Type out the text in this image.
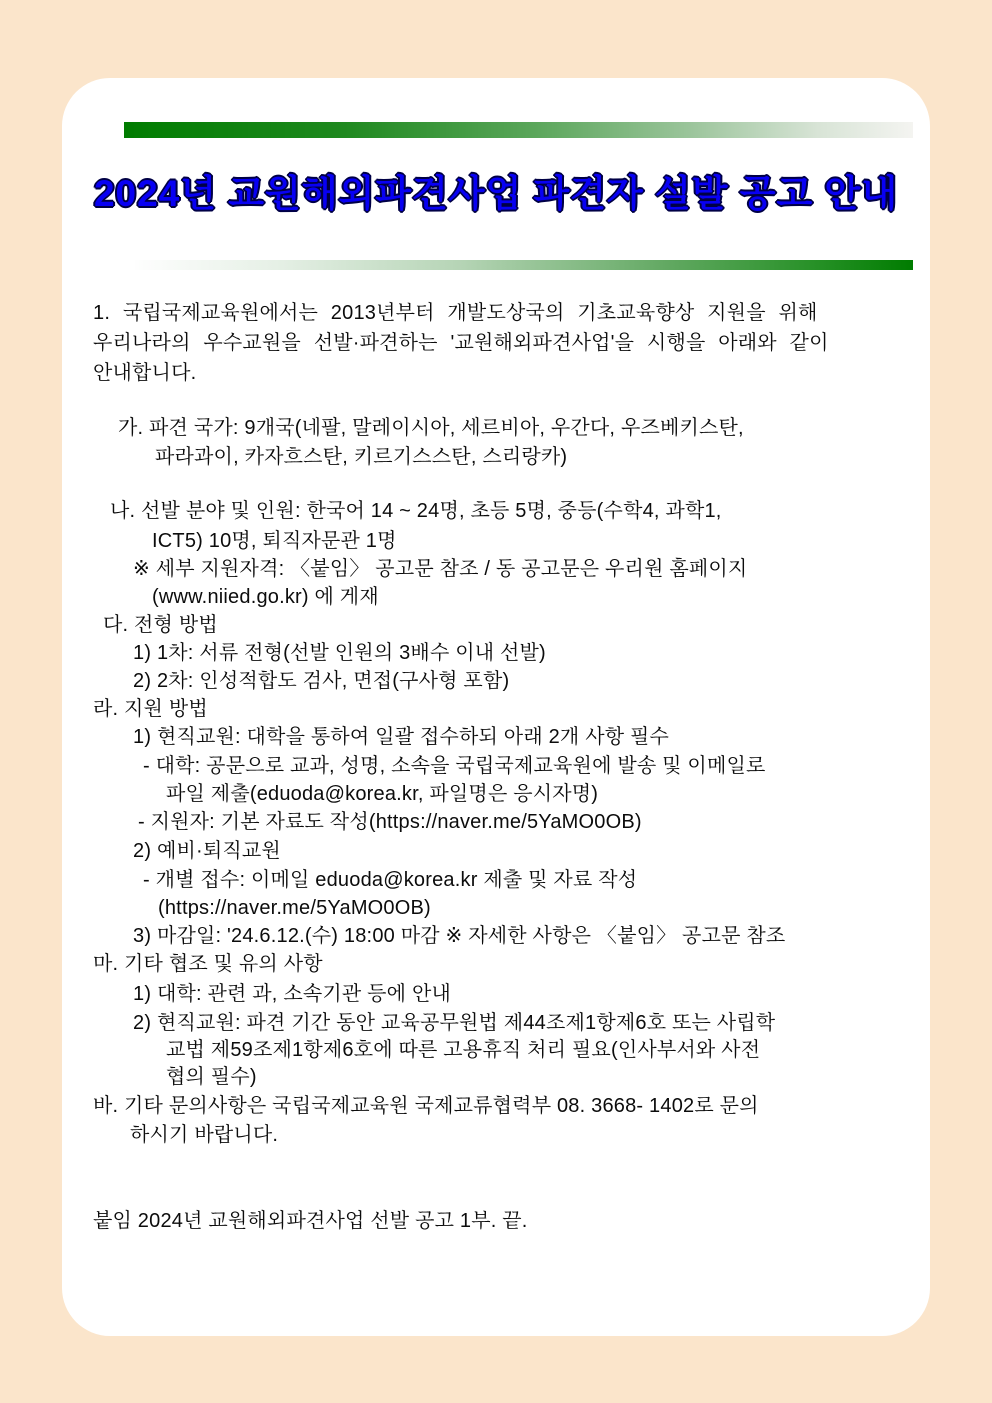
2024년 교원해외파견사업 파견자 설발 공고 안내
1. 국립국제교육원에서는 2013년부터 개발도상국의 기초교육향상 지원을 위해
우리나라의 우수교원을 선발·파견하는 '교원해외파견사업'을 시행을 아래와 같이
안내합니다.
가. 파견 국가: 9개국(네팔, 말레이시아, 세르비아, 우간다, 우즈베키스탄,
파라과이, 카자흐스탄, 키르기스스탄, 스리랑카)
나. 선발 분야 및 인원: 한국어 14 ~ 24명, 초등 5명, 중등(수학4, 과학1,
ICT5) 10명, 퇴직자문관 1명
※ 세부 지원자격: 〈붙임〉 공고문 참조 / 동 공고문은 우리원 홈페이지
(www.niied.go.kr) 에 게재
다. 전형 방법
1) 1차: 서류 전형(선발 인원의 3배수 이내 선발)
2) 2차: 인성적합도 검사, 면접(구사형 포함)
라. 지원 방법
1) 현직교원: 대학을 통하여 일괄 접수하되 아래 2개 사항 필수
- 대학: 공문으로 교과, 성명, 소속을 국립국제교육원에 발송 및 이메일로
파일 제출(eduoda@korea.kr, 파일명은 응시자명)
- 지원자: 기본 자료도 작성(https://naver.me/5YaMO0OB)
2) 예비·퇴직교원
- 개별 접수: 이메일 eduoda@korea.kr 제출 및 자료 작성
(https://naver.me/5YaMO0OB)
3) 마감일: '24.6.12.(수) 18:00 마감 ※ 자세한 사항은 〈붙임〉 공고문 참조
마. 기타 협조 및 유의 사항
1) 대학: 관련 과, 소속기관 등에 안내
2) 현직교원: 파견 기간 동안 교육공무원법 제44조제1항제6호 또는 사립학
교법 제59조제1항제6호에 따른 고용휴직 처리 필요(인사부서와 사전
협의 필수)
바. 기타 문의사항은 국립국제교육원 국제교류협력부 08. 3668- 1402로 문의
하시기 바랍니다.
붙임 2024년 교원해외파견사업 선발 공고 1부. 끝.
